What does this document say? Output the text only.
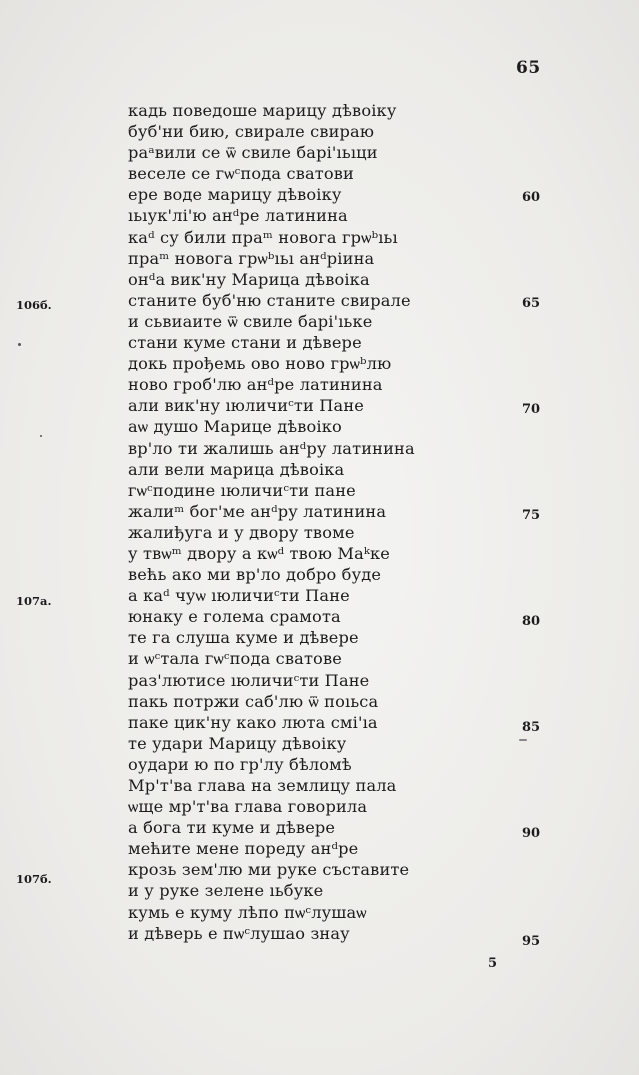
65
кадь поведоше марицу дѣвоіку
буб'ни бию, свирале свираю
раᵃвили се ѿ свиле барі'ıьıци
веселе се гѡᶜпода сватови
ере воде марицу дѣвоіку
ıьıук'лі'ю анᵈре латинина
каᵈ су били праᵐ новога грѡᵇıьı
праᵐ новога грѡᵇıьı анᵈріина
онᵈа вик'ну Марица дѣвоіка
станите буб'ню станите свирале
и сьвиаите ѿ свиле барі'ıьке
стани куме стани и дѣвере
докь прођемь ово ново грѡᵇлю
ново гроб'лю анᵈре латинина
али вик'ну ıюличиᶜти Пане
аѡ душо Марице дѣвоіко
вр'ло ти жалишь анᵈру латинина
али вели марица дѣвоіка
гѡᶜподине ıюличиᶜти пане
жалиᵐ бог'ме анᵈру латинина
жалиђуга и у двору твоме
у твѡᵐ двору а кѡᵈ твою Маᵏке
већь ако ми вр'ло добро буде
а каᵈ чуѡ ıюличиᶜти Пане
юнаку е голема срамота
те га слуша куме и дѣвере
и ѡᶜтала гѡᶜпода сватове
раз'лютисе ıюличиᶜти Пане
пакь потржи саб'лю ѿ поıьса
паке цик'ну како люта смі'ıа
те удари Марицу дѣвоіку
оудари ю по гр'лу бѣломѣ
Мр'т'ва глава на землицу пала
ѡще мр'т'ва глава говорила
а бога ти куме и дѣвере
мећите мене пореду анᵈре
крозь зем'лю ми руке съставите
и у руке зелене ıьбуке
кумь е куму лѣпо пѡᶜлушаѡ
и дѣверь е пѡᶜлушао знау
60
65
70
75
80
85
90
95
106б.
107а.
107б.
5
